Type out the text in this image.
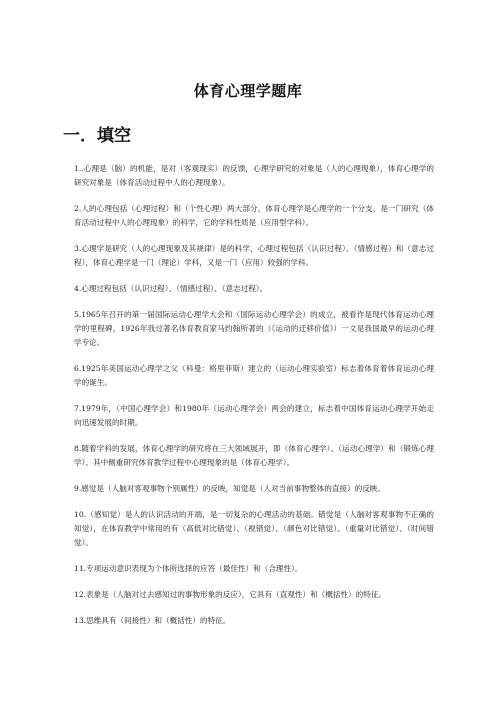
体育心理学题库
一．填空

1..心理是（脑）的机能，是对（客观现实）的反馈，心理学研究的对象是（人的心理现象），体育心理学的研究对象是（体育活动过程中人的心理现象）。

2.人的心理包括（心理过程）和（个性心理）两大部分，体育心理学是心理学的一个分支，是一门研究（体育活动过程中人的心理现象）的科学，它的学科性质是（应用型学科）。

3.心理学是研究（人的心理现象及其规律）是的科学，心理过程包括（认识过程）、（情感过程）和（意志过程），体育心理学是一门（理论）学科，又是一门（应用）较强的学科。

4.心理过程包括（认识过程）、（情感过程）、（意志过程）。

5.1965年召开的第一届国际运动心理学大会和（国际运动心理学会）的成立，被看作是现代体育运动心理学的里程碑，1926年我过著名体育教育家马约翰所著的（《运动的迁移价值》）一文是我国最早的运动心理学专论。

6.1925年美国运动心理学之父（科曼：格里菲斯）建立的（运动心理实验室）标志着体育着体育运动心理学的诞生。

7.1979年，（中国心理学会）和1980年（运动心理学会）两会的建立，标志着中国体育运动心理学开始走向迅速发展的时期。

8.随着学科的发展，体育心理学的研究将在三大领域展开，即（体育心理学）、（运动心理学）和（锻炼心理学）、其中侧重研究体育教学过程中心理现象的是（体育心理学）。

9.感觉是（人脑对客观事物个别属性）的反映，知觉是（人对当前事物整体的直接）的反映。

10.（感知觉）是人的认识活动的开端，是一切复杂的心理活动的基础。错觉是（人脑对客观事物不正确的知觉），在体育教学中常用的有（高低对比错觉）、（视错觉）、（颜色对比错觉）、（重量对比错觉）、（时间错觉）。

11.专项运动意识表现为个体所选择的应答（最佳性）和（合理性）。

12.表象是（人脑对过去感知过的事物形象的反应），它具有（直观性）和（概括性）的特征。

13.思维具有（间接性）和（概括性）的特征。
